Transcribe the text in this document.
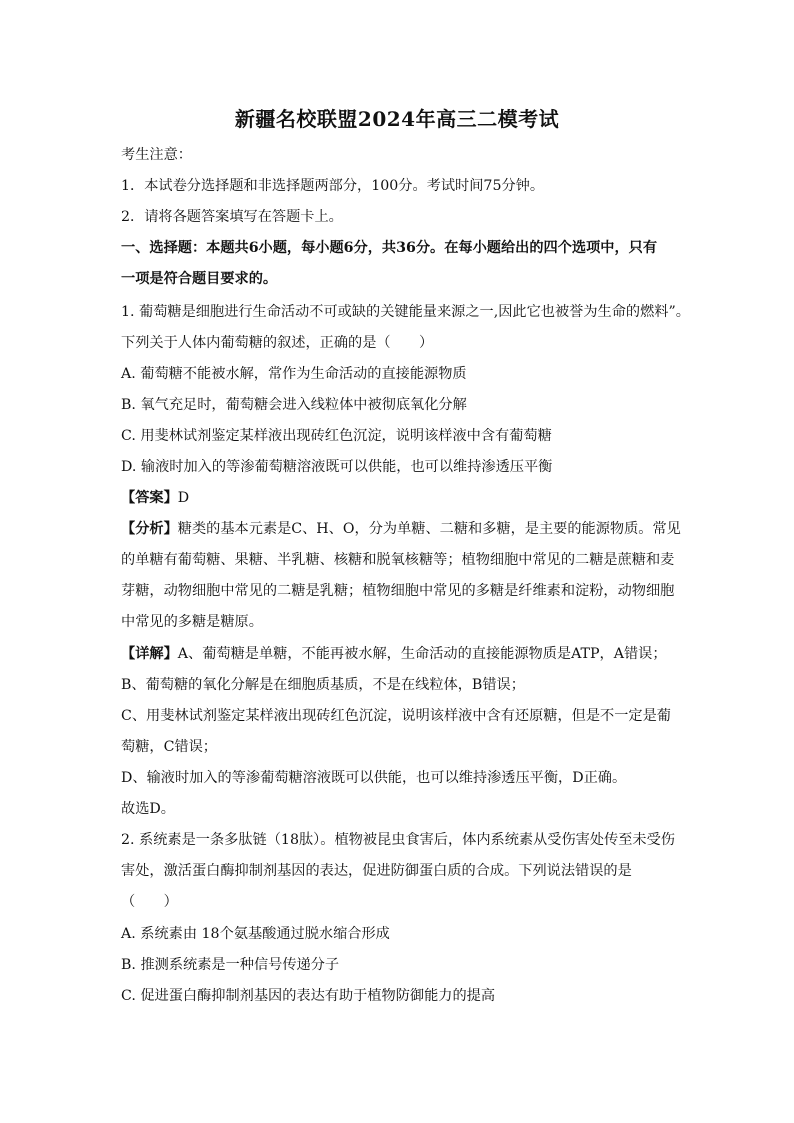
新疆名校联盟2024年高三二模考试
考生注意：
1．本试卷分选择题和非选择题两部分，100分。考试时间75分钟。
2．请将各题答案填写在答题卡上。
一、选择题：本题共6小题，每小题6分，共36分。在每小题给出的四个选项中，只有
一项是符合题目要求的。
1. 葡萄糖是细胞进行生命活动不可或缺的关键能量来源之一,因此它也被誉为生命的燃料”。
下列关于人体内葡萄糖的叙述，正确的是（　　）
A. 葡萄糖不能被水解，常作为生命活动的直接能源物质
B. 氧气充足时，葡萄糖会进入线粒体中被彻底氧化分解
C. 用斐林试剂鉴定某样液出现砖红色沉淀，说明该样液中含有葡萄糖
D. 输液时加入的等渗葡萄糖溶液既可以供能，也可以维持渗透压平衡
【答案】D
【分析】糖类的基本元素是C、H、O，分为单糖、二糖和多糖，是主要的能源物质。常见
的单糖有葡萄糖、果糖、半乳糖、核糖和脱氧核糖等；植物细胞中常见的二糖是蔗糖和麦
芽糖，动物细胞中常见的二糖是乳糖；植物细胞中常见的多糖是纤维素和淀粉，动物细胞
中常见的多糖是糖原。
【详解】A、葡萄糖是单糖，不能再被水解，生命活动的直接能源物质是ATP，A错误；
B、葡萄糖的氧化分解是在细胞质基质，不是在线粒体，B错误；
C、用斐林试剂鉴定某样液出现砖红色沉淀，说明该样液中含有还原糖，但是不一定是葡
萄糖，C错误；
D、输液时加入的等渗葡萄糖溶液既可以供能，也可以维持渗透压平衡，D正确。
故选D。
2. 系统素是一条多肽链（18肽）。植物被昆虫食害后，体内系统素从受伤害处传至未受伤
害处，激活蛋白酶抑制剂基因的表达，促进防御蛋白质的合成。下列说法错误的是
（　　）
A. 系统素由 18个氨基酸通过脱水缩合形成
B. 推测系统素是一种信号传递分子
C. 促进蛋白酶抑制剂基因的表达有助于植物防御能力的提高
